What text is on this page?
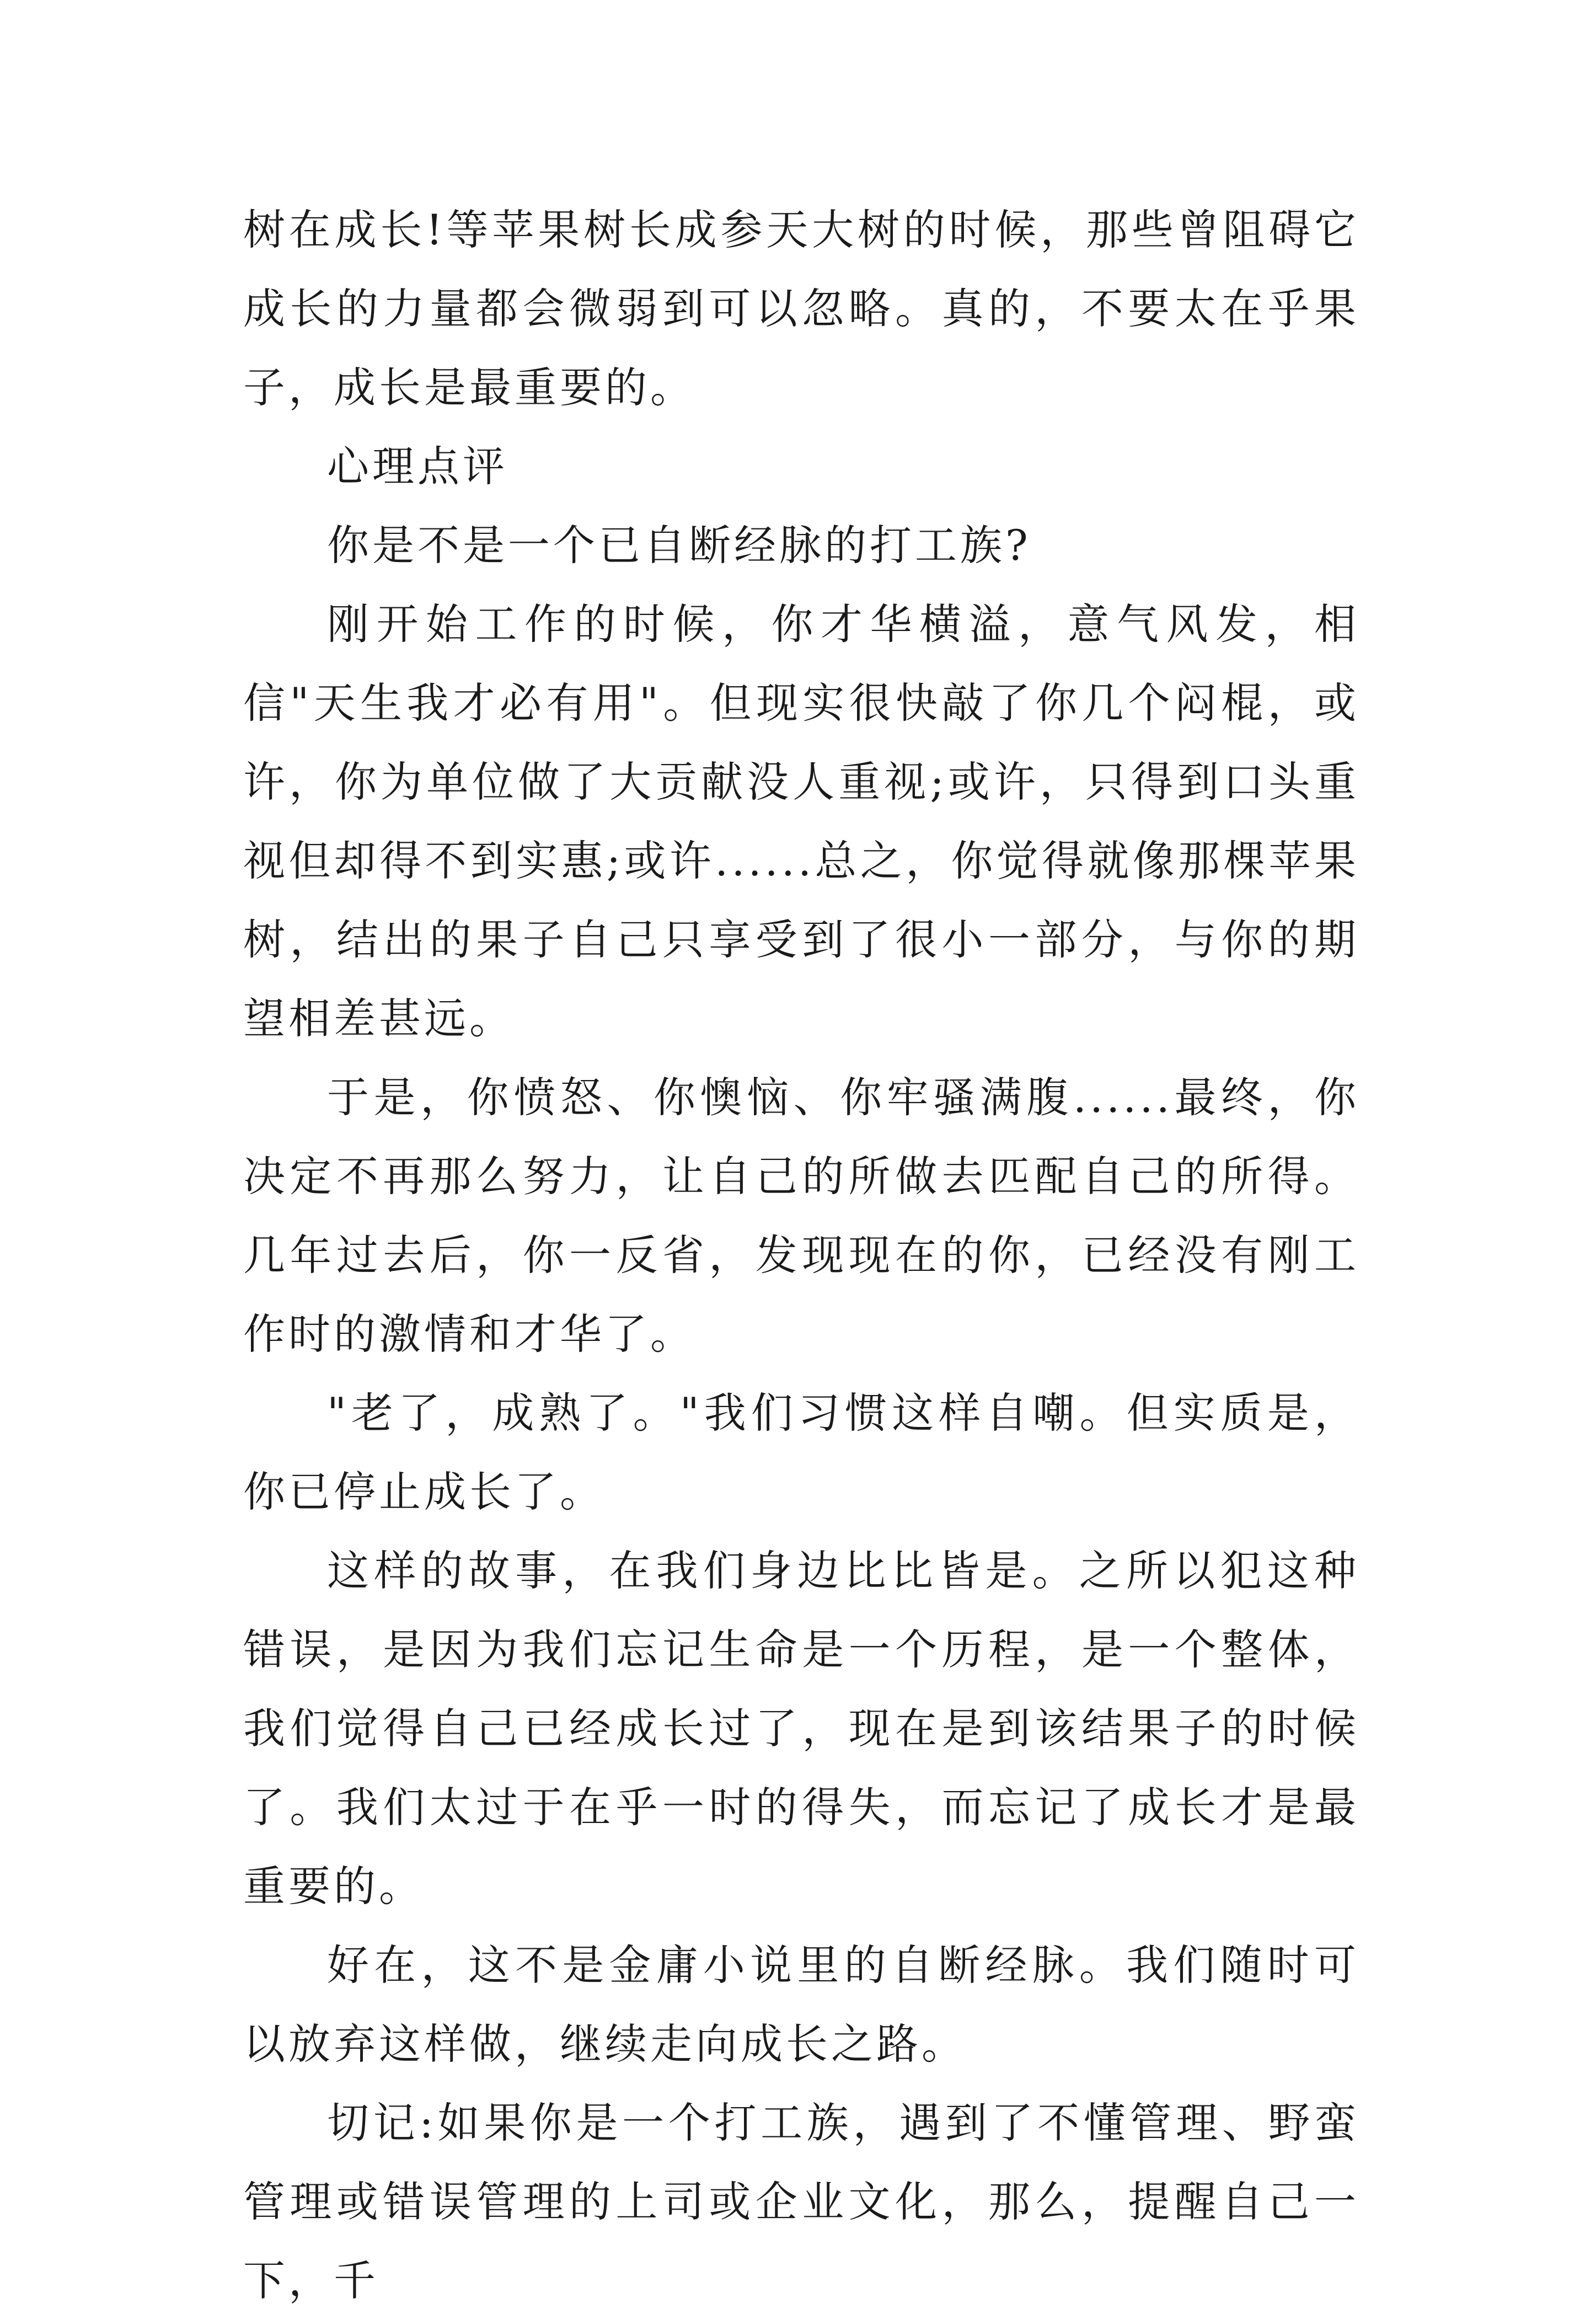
树在成长!等苹果树长成参天大树的时候，那些曾阻碍它成长的力量都会微弱到可以忽略。真的，不要太在乎果子，成长是最重要的。

心理点评

你是不是一个已自断经脉的打工族?

刚开始工作的时候，你才华横溢，意气风发，相信"天生我才必有用"。但现实很快敲了你几个闷棍，或许，你为单位做了大贡献没人重视;或许，只得到口头重视但却得不到实惠;或许......总之，你觉得就像那棵苹果树，结出的果子自己只享受到了很小一部分，与你的期望相差甚远。

于是，你愤怒、你懊恼、你牢骚满腹......最终，你决定不再那么努力，让自己的所做去匹配自己的所得。几年过去后，你一反省，发现现在的你，已经没有刚工作时的激情和才华了。

"老了，成熟了。"我们习惯这样自嘲。但实质是，你已停止成长了。

这样的故事，在我们身边比比皆是。之所以犯这种错误，是因为我们忘记生命是一个历程，是一个整体，我们觉得自己已经成长过了，现在是到该结果子的时候了。我们太过于在乎一时的得失，而忘记了成长才是最重要的。

好在，这不是金庸小说里的自断经脉。我们随时可以放弃这样做，继续走向成长之路。

切记:如果你是一个打工族，遇到了不懂管理、野蛮管理或错误管理的上司或企业文化，那么，提醒自己一下，千
